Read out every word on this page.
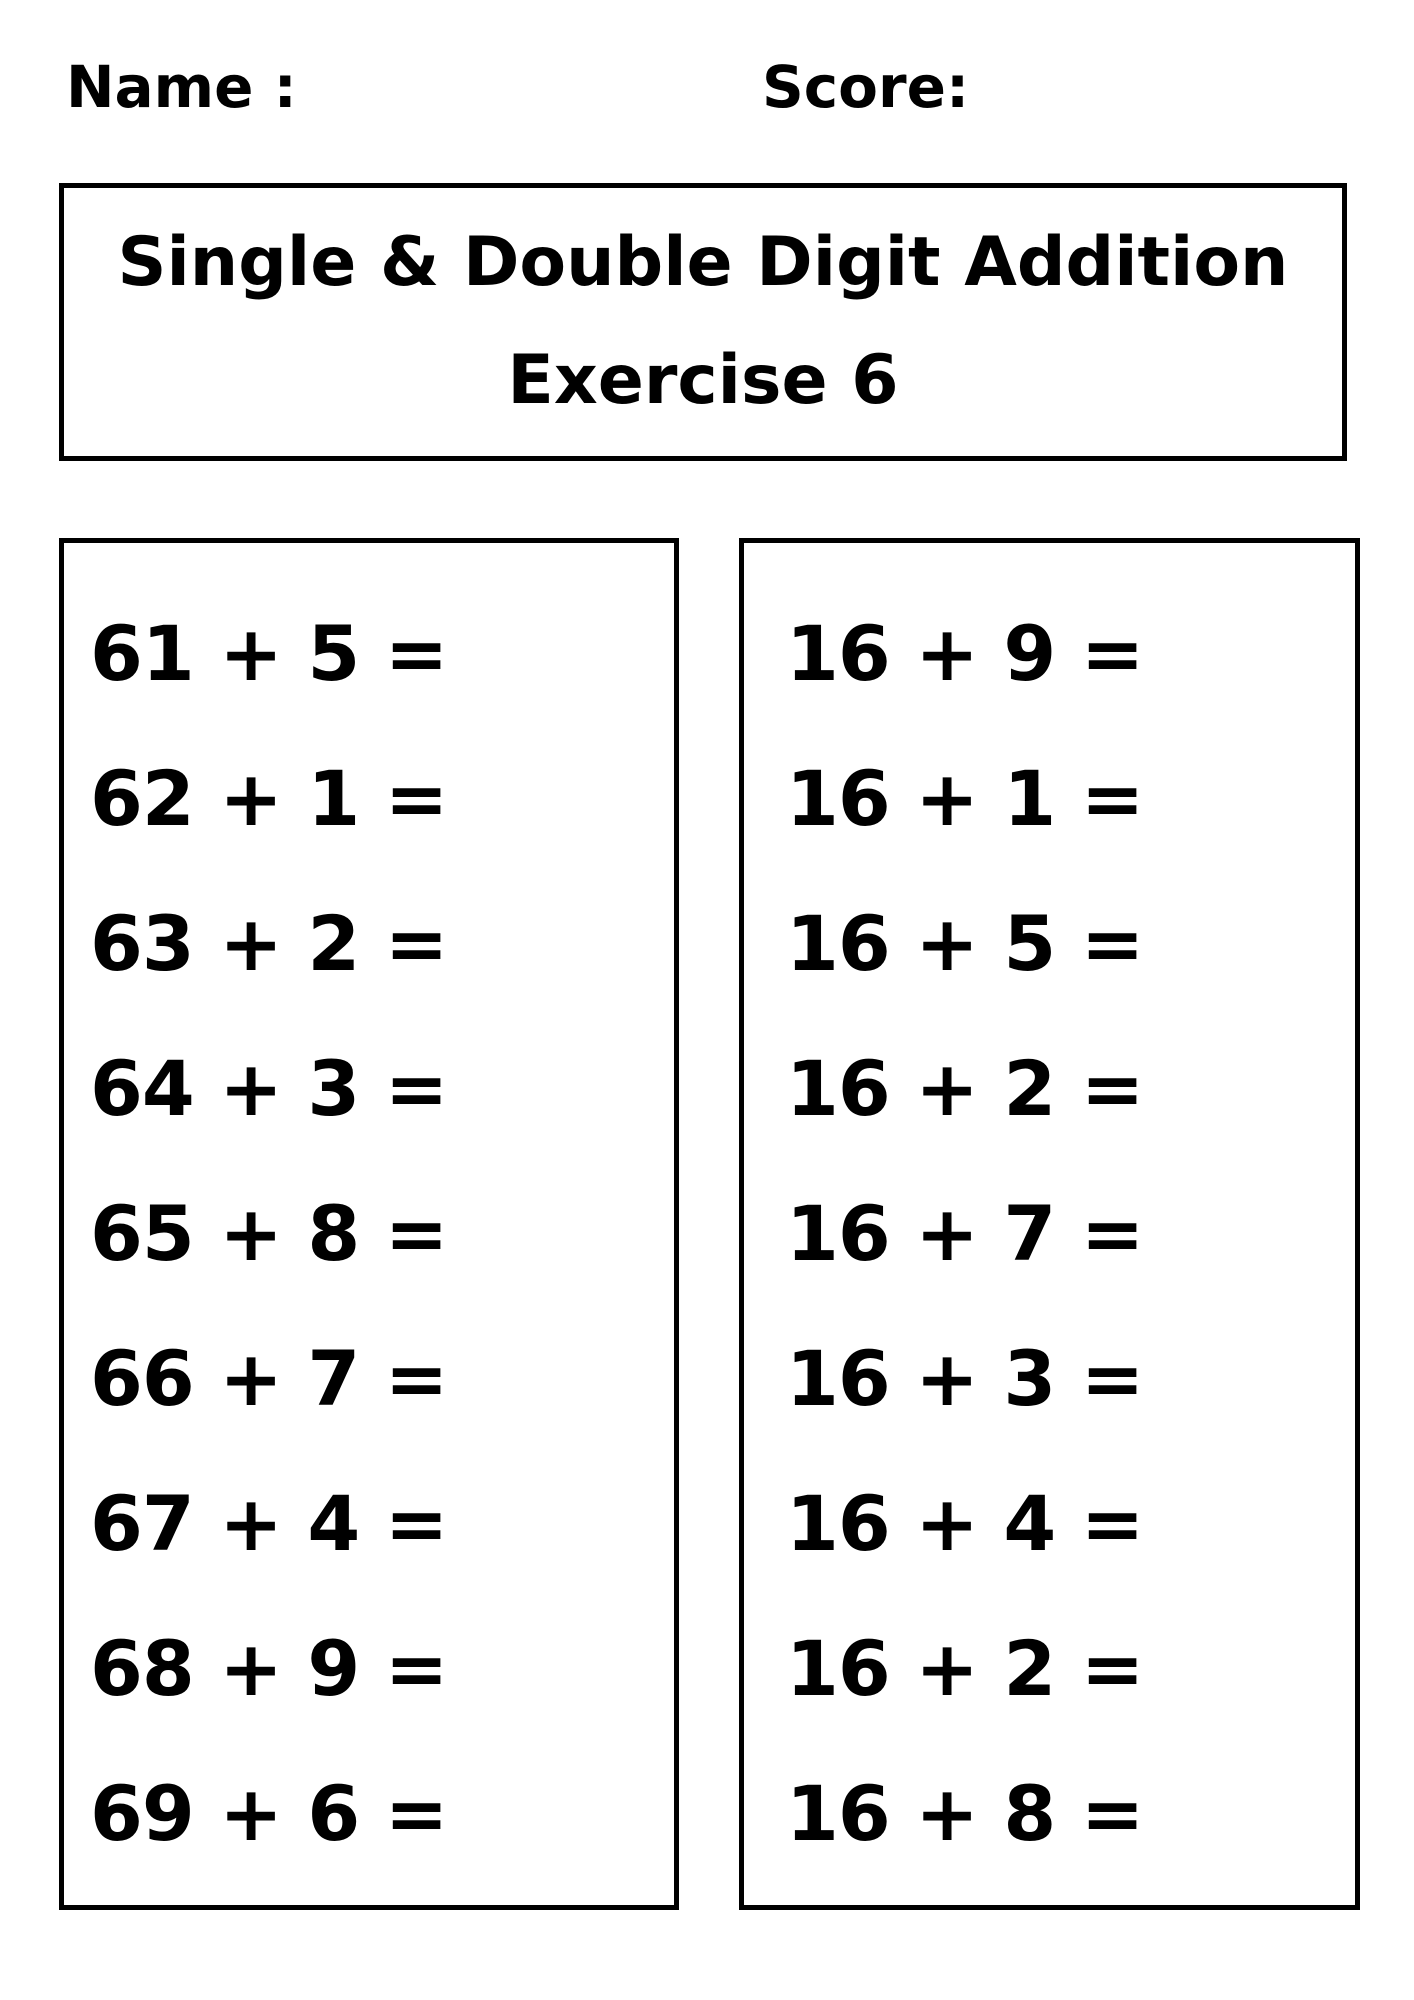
Name :	Score:
Single & Double Digit Addition
Exercise 6
61 + 5 =
62 + 1 =
63 + 2 =
64 + 3 =
65 + 8 =
66 + 7 =
67 + 4 =
68 + 9 =
69 + 6 =
16 + 9 =
16 + 1 =
16 + 5 =
16 + 2 =
16 + 7 =
16 + 3 =
16 + 4 =
16 + 2 =
16 + 8 =
